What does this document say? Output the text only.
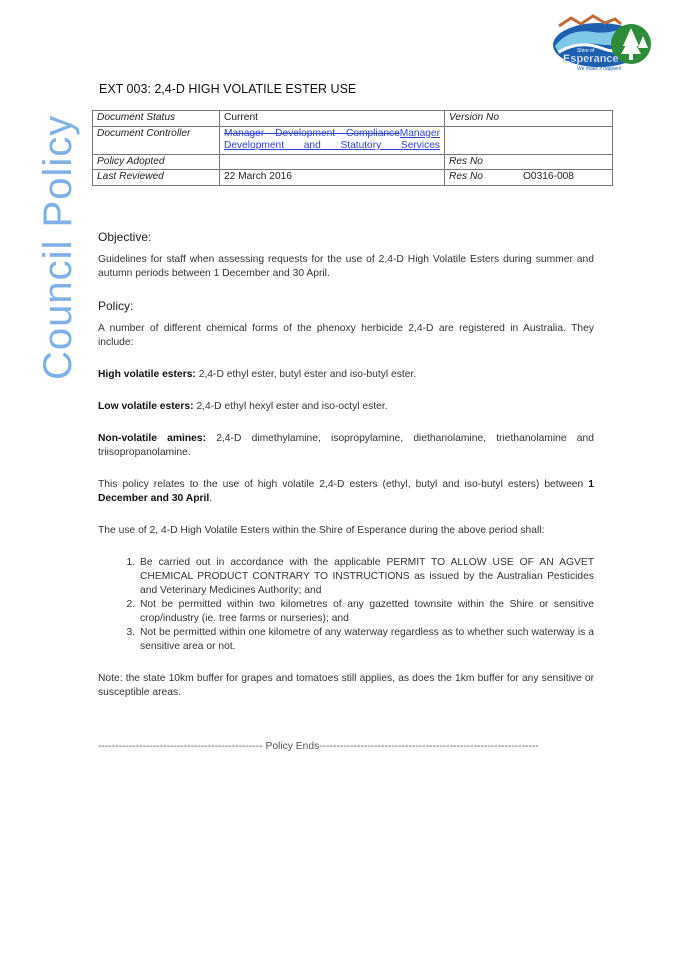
Council Policy
Shire of
Esperance
We make it happen!
EXT 003: 2,4-D HIGH VOLATILE ESTER USE
Document Status	Current	Version No	
Document Controller	Manager Development ComplianceManager Development and Statutory Services		
Policy Adopted		Res No	
Last Reviewed	22 March 2016	Res No	O0316-008
Objective:

Guidelines for staff when assessing requests for the use of 2,4-D High Volatile Esters during summer and autumn periods between 1 December and 30 April.

Policy:

A number of different chemical forms of the phenoxy herbicide 2,4-D are registered in Australia. They include:

High volatile esters: 2,4-D ethyl ester, butyl ester and iso-butyl ester.

Low volatile esters: 2,4-D ethyl hexyl ester and iso-octyl ester.

Non-volatile amines: 2,4-D dimethylamine, isopropylamine, diethanolamine, triethanolamine and triisopropanolamine.

This policy relates to the use of high volatile 2,4-D esters (ethyl, butyl and iso-butyl esters) between 1 December and 30 April.

The use of 2, 4-D High Volatile Esters within the Shire of Esperance during the above period shall:

1. Be carried out in accordance with the applicable PERMIT TO ALLOW USE OF AN AGVET CHEMICAL PRODUCT CONTRARY TO INSTRUCTIONS as issued by the Australian Pesticides and Veterinary Medicines Authority; and
2. Not be permitted within two kilometres of any gazetted townsite within the Shire or sensitive crop/industry (ie. tree farms or nurseries); and
3. Not be permitted within one kilometre of any waterway regardless as to whether such waterway is a sensitive area or not.

Note: the state 10km buffer for grapes and tomatoes still applies, as does the 1km buffer for any sensitive or susceptible areas.

------------------------------------------------ Policy Ends----------------------------------------------------------------
